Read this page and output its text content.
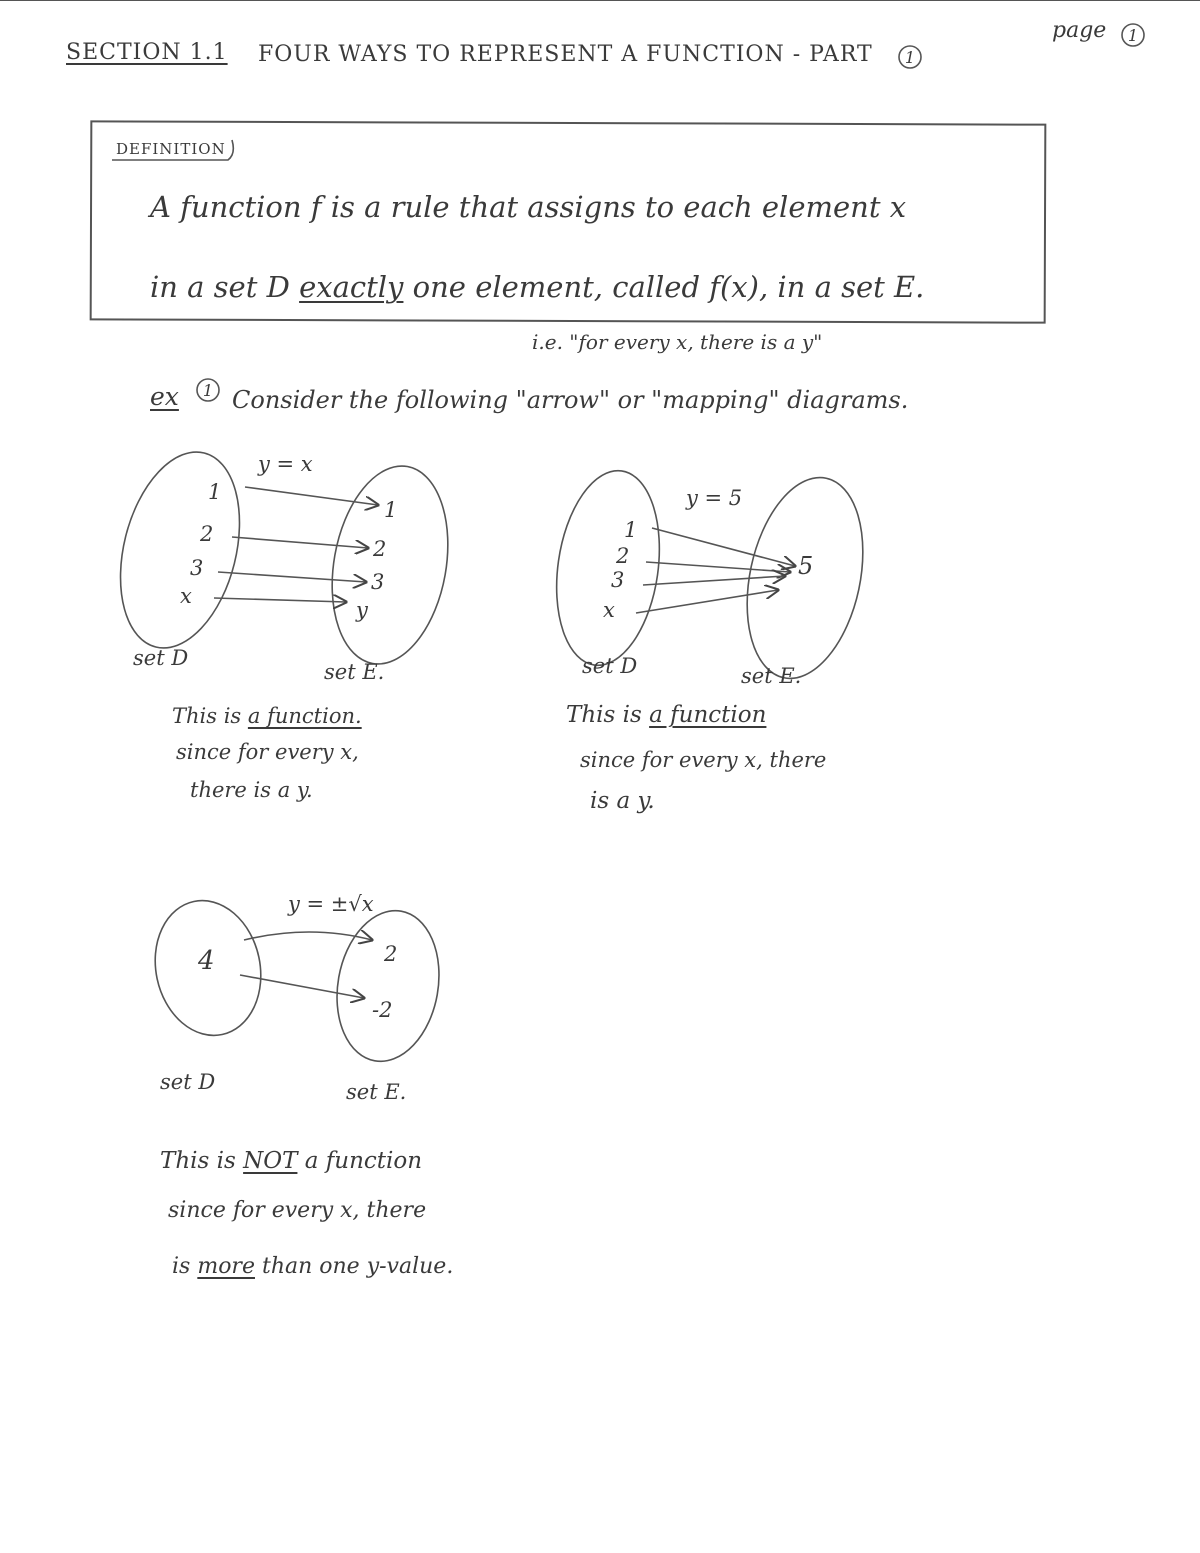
SECTION 1.1 FOUR WAYS TO REPRESENT A FUNCTION - PART
page
DEFINITION
A function f is a rule that assigns to each element x
in a set D exactly one element, called f(x), in a set E.
i.e. "for every x, there is a y"
ex Consider the following "arrow" or "mapping" diagrams.
1
1
1
y = x
1
2
3
x
1
2
3
y
set D
set E.
This is a function.
since for every x,
there is a y.
y = 5
1
2
3
x
5
set D	set E.
This is a function
since for every x, there
is a y.
y = ±√x
4	2
-2
set D	set E.
This is NOT a function
since for every x, there
is more than one y-value.
